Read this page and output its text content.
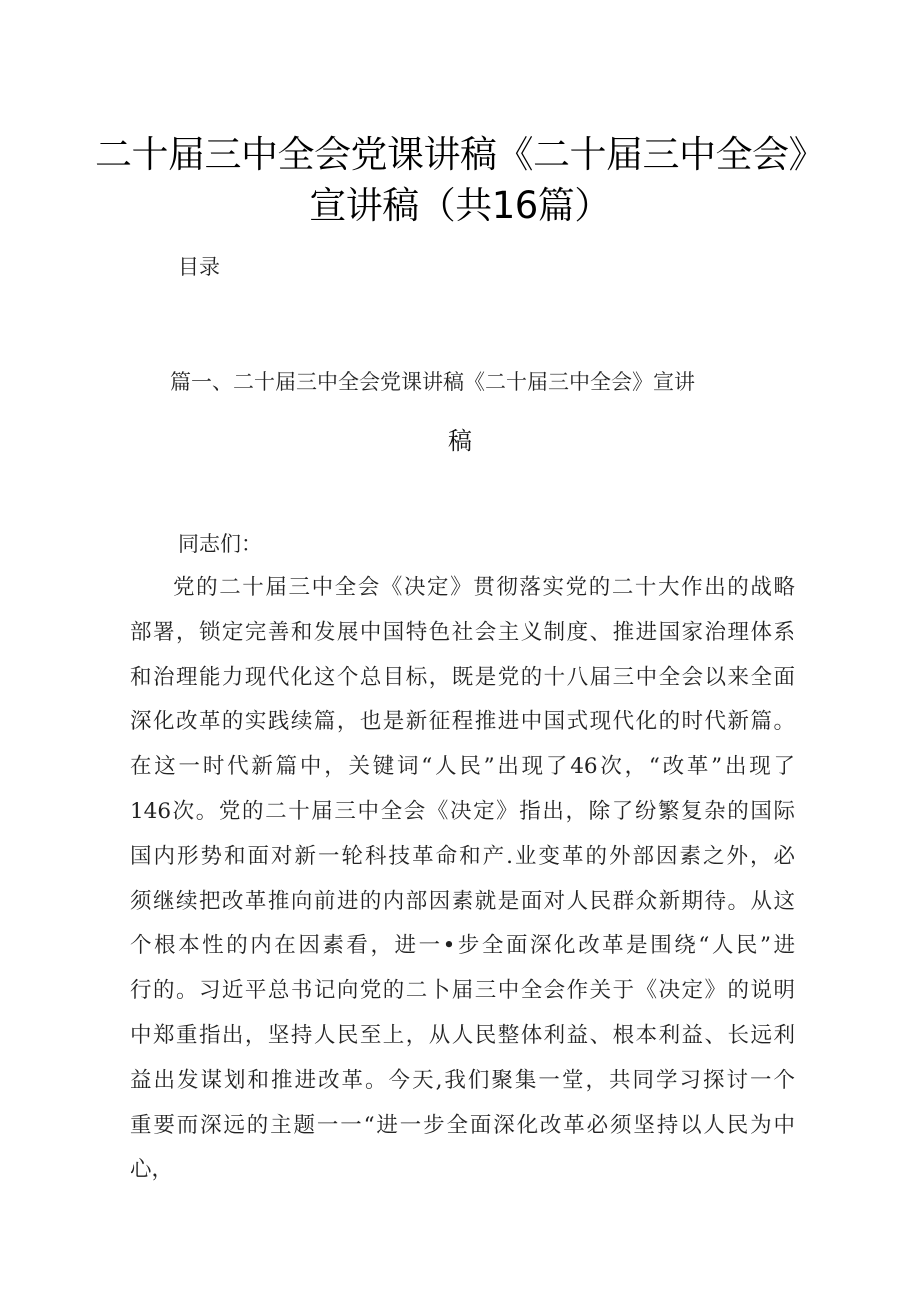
二十届三中全会党课讲稿《二十届三中全会》
宣讲稿（共16篇）
目录
篇一、二十届三中全会党课讲稿《二十届三中全会》宣讲
稿
同志们：
党的二十届三中全会《决定》贯彻落实党的二十大作出的战略
部署，锁定完善和发展中国特色社会主义制度、推进国家治理体系
和治理能力现代化这个总目标，既是党的十八届三中全会以来全面
深化改革的实践续篇，也是新征程推进中国式现代化的时代新篇。
在这一时代新篇中，关键词“人民”出现了46次，“改革”出现了
146次。党的二十届三中全会《决定》指出，除了纷繁复杂的国际
国内形势和面对新一轮科技革命和产.业变革的外部因素之外，必
须继续把改革推向前进的内部因素就是面对人民群众新期待。从这
个根本性的内在因素看，进一•步全面深化改革是围绕“人民”进
行的。习近平总书记向党的二卜届三中全会作关于《决定》的说明
中郑重指出，坚持人民至上，从人民整体利益、根本利益、长远利
益出发谋划和推进改革。今天,我们聚集一堂，共同学习探讨一个
重要而深远的主题一一“进一步全面深化改革必须坚持以人民为中
心，
